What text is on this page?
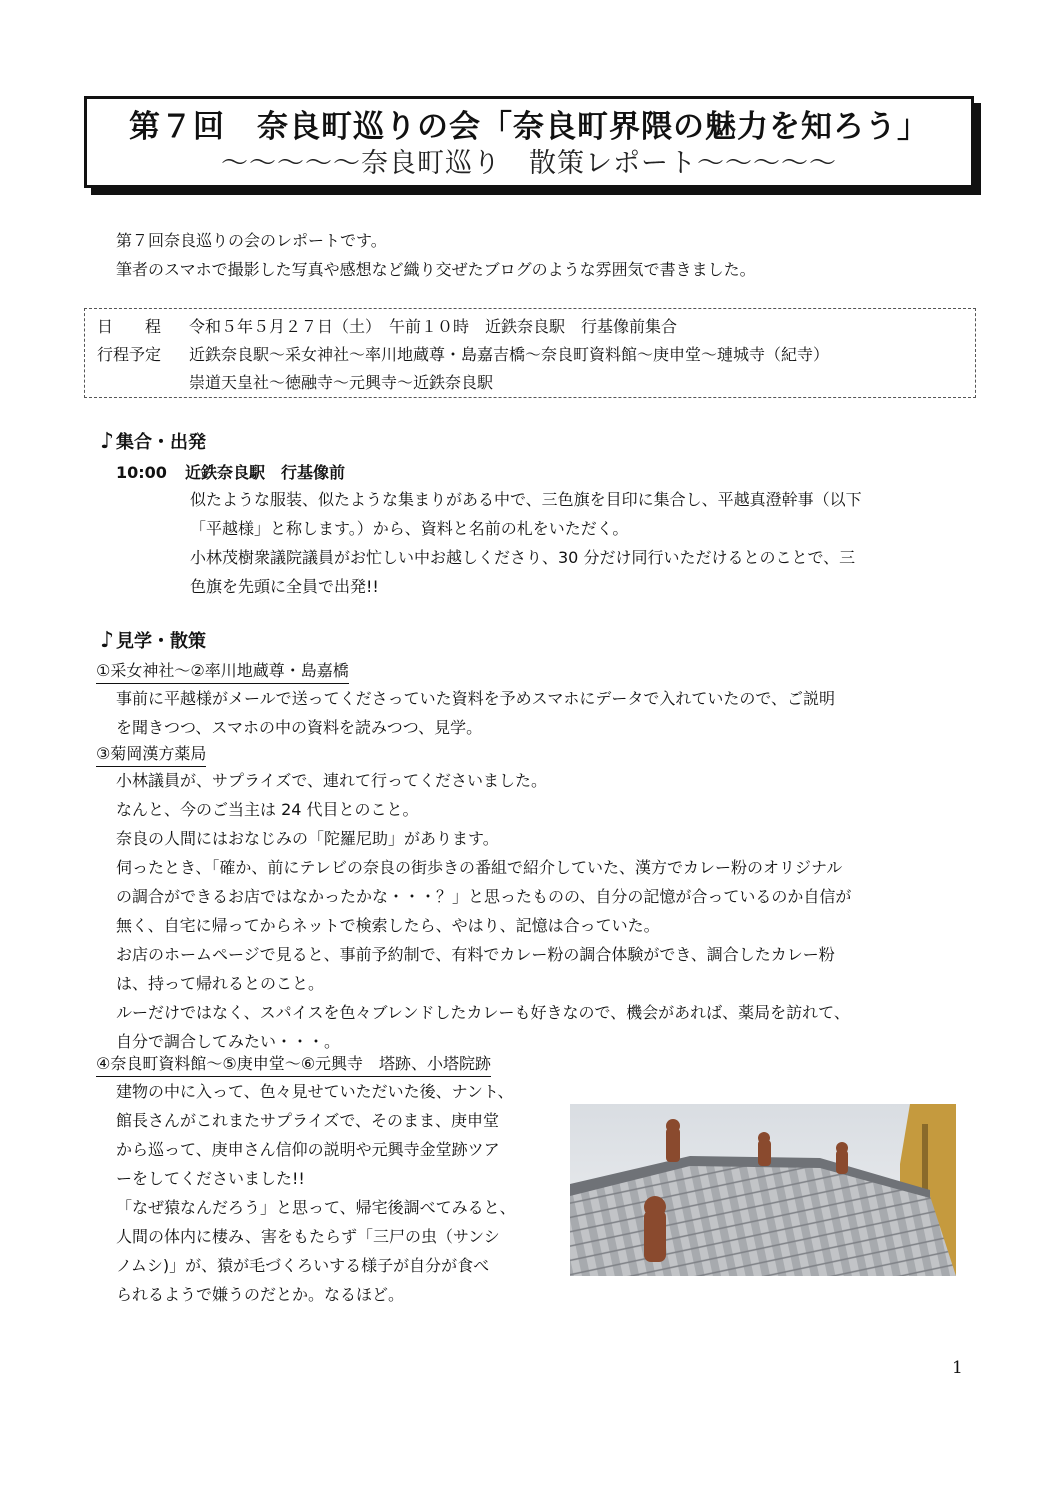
第７回　奈良町巡りの会「奈良町界隈の魅力を知ろう」
～～～～～奈良町巡り　散策レポート～～～～～
第７回奈良巡りの会のレポートです。
筆者のスマホで撮影した写真や感想など織り交ぜたブログのような雰囲気で書きました。
日　　程 令和５年５月２７日（土）　午前１０時　近鉄奈良駅　行基像前集合
行程予定 近鉄奈良駅～采女神社～率川地蔵尊・島嘉吉橋～奈良町資料館～庚申堂～璉城寺（紀寺）
崇道天皇社～徳融寺～元興寺～近鉄奈良駅
♪ 集合・出発
10:00 近鉄奈良駅　行基像前
似たような服装、似たような集まりがある中で、三色旗を目印に集合し、平越真澄幹事（以下
「平越様」と称します。）から、資料と名前の札をいただく。
小林茂樹衆議院議員がお忙しい中お越しくださり、30 分だけ同行いただけるとのことで、三
色旗を先頭に全員で出発!!
♪ 見学・散策
①采女神社～②率川地蔵尊・島嘉橋
事前に平越様がメールで送ってくださっていた資料を予めスマホにデータで入れていたので、ご説明
を聞きつつ、スマホの中の資料を読みつつ、見学。
③菊岡漢方薬局
小林議員が、サプライズで、連れて行ってくださいました。
なんと、今のご当主は 24 代目とのこと。
奈良の人間にはおなじみの「陀羅尼助」があります。
伺ったとき、「確か、前にテレビの奈良の街歩きの番組で紹介していた、漢方でカレー粉のオリジナル
の調合ができるお店ではなかったかな・・・？」と思ったものの、自分の記憶が合っているのか自信が
無く、自宅に帰ってからネットで検索したら、やはり、記憶は合っていた。
お店のホームページで見ると、事前予約制で、有料でカレー粉の調合体験ができ、調合したカレー粉
は、持って帰れるとのこと。
ルーだけではなく、スパイスを色々ブレンドしたカレーも好きなので、機会があれば、薬局を訪れて、
自分で調合してみたい・・・。
④奈良町資料館～⑤庚申堂～⑥元興寺　塔跡、小塔院跡
建物の中に入って、色々見せていただいた後、ナント、
館長さんがこれまたサプライズで、そのまま、庚申堂
から巡って、庚申さん信仰の説明や元興寺金堂跡ツア
ーをしてくださいました!!
「なぜ猿なんだろう」と思って、帰宅後調べてみると、
人間の体内に棲み、害をもたらず「三尸の虫（サンシ
ノムシ)」が、猿が毛づくろいする様子が自分が食べ
られるようで嫌うのだとか。なるほど。
1
